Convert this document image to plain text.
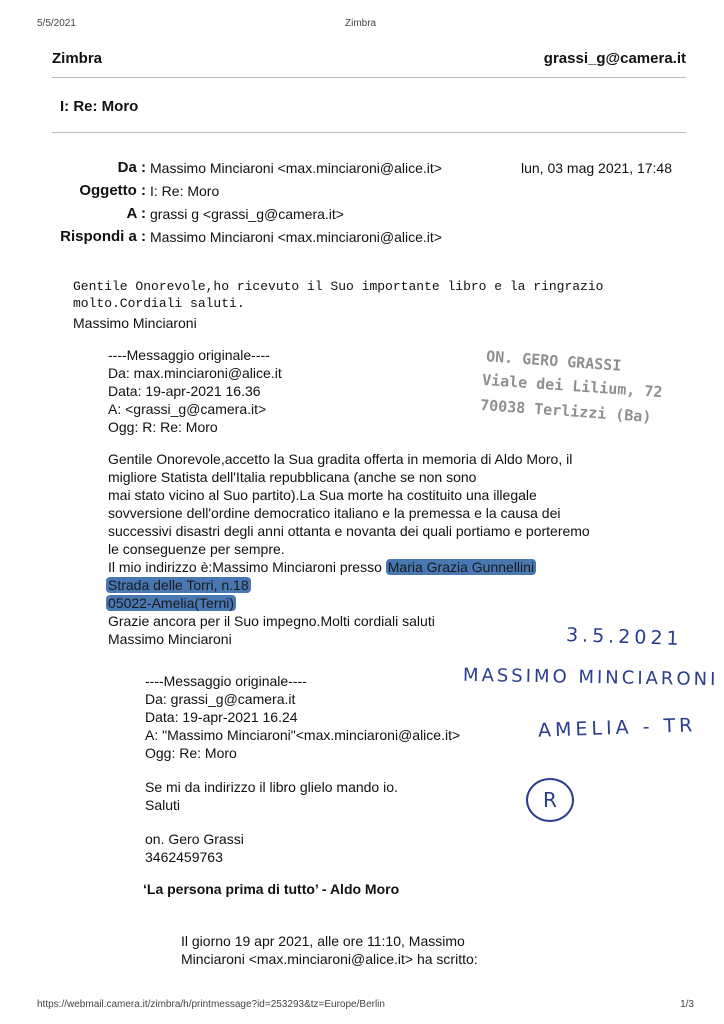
5/5/2021	Zimbra
Zimbra	grassi_g@camera.it
I: Re: Moro
Da : Massimo Minciaroni <max.minciaroni@alice.it>	lun, 03 mag 2021, 17:48
Oggetto : I: Re: Moro
A : grassi g <grassi_g@camera.it>
Rispondi a : Massimo Minciaroni <max.minciaroni@alice.it>
Gentile Onorevole,ho ricevuto il Suo importante libro e la ringrazio
molto.Cordiali saluti.
Massimo Minciaroni
----Messaggio originale----
Da: max.minciaroni@alice.it
Data: 19-apr-2021 16.36
A: <grassi_g@camera.it>
Ogg: R: Re: Moro
ON. GERO GRASSI
Viale dei Lilium, 72
70038 Terlizzi (Ba)
Gentile Onorevole,accetto la Sua gradita offerta in memoria di Aldo Moro, il
migliore Statista dell'Italia repubblicana (anche se non sono
mai stato vicino al Suo partito).La Sua morte ha costituito una illegale
sovversione dell'ordine democratico italiano e la premessa e la causa dei
successivi disastri degli anni ottanta e novanta dei quali portiamo e porteremo
le conseguenze per sempre.
Il mio indirizzo è:Massimo Minciaroni presso Maria Grazia Gunnellini
Strada delle Torri, n.18
05022-Amelia(Terni)
Grazie ancora per il Suo impegno.Molti cordiali saluti
Massimo Minciaroni	3.5.2021
MASSIMO MINCIARONI
AMELIA - TR
R
----Messaggio originale----
Da: grassi_g@camera.it
Data: 19-apr-2021 16.24
A: "Massimo Minciaroni"<max.minciaroni@alice.it>
Ogg: Re: Moro
Se mi da indirizzo il libro glielo mando io.
Saluti
on. Gero Grassi
3462459763
‘La persona prima di tutto’ - Aldo Moro
Il giorno 19 apr 2021, alle ore 11:10, Massimo
Minciaroni <max.minciaroni@alice.it> ha scritto:
https://webmail.camera.it/zimbra/h/printmessage?id=253293&tz=Europe/Berlin	1/3
